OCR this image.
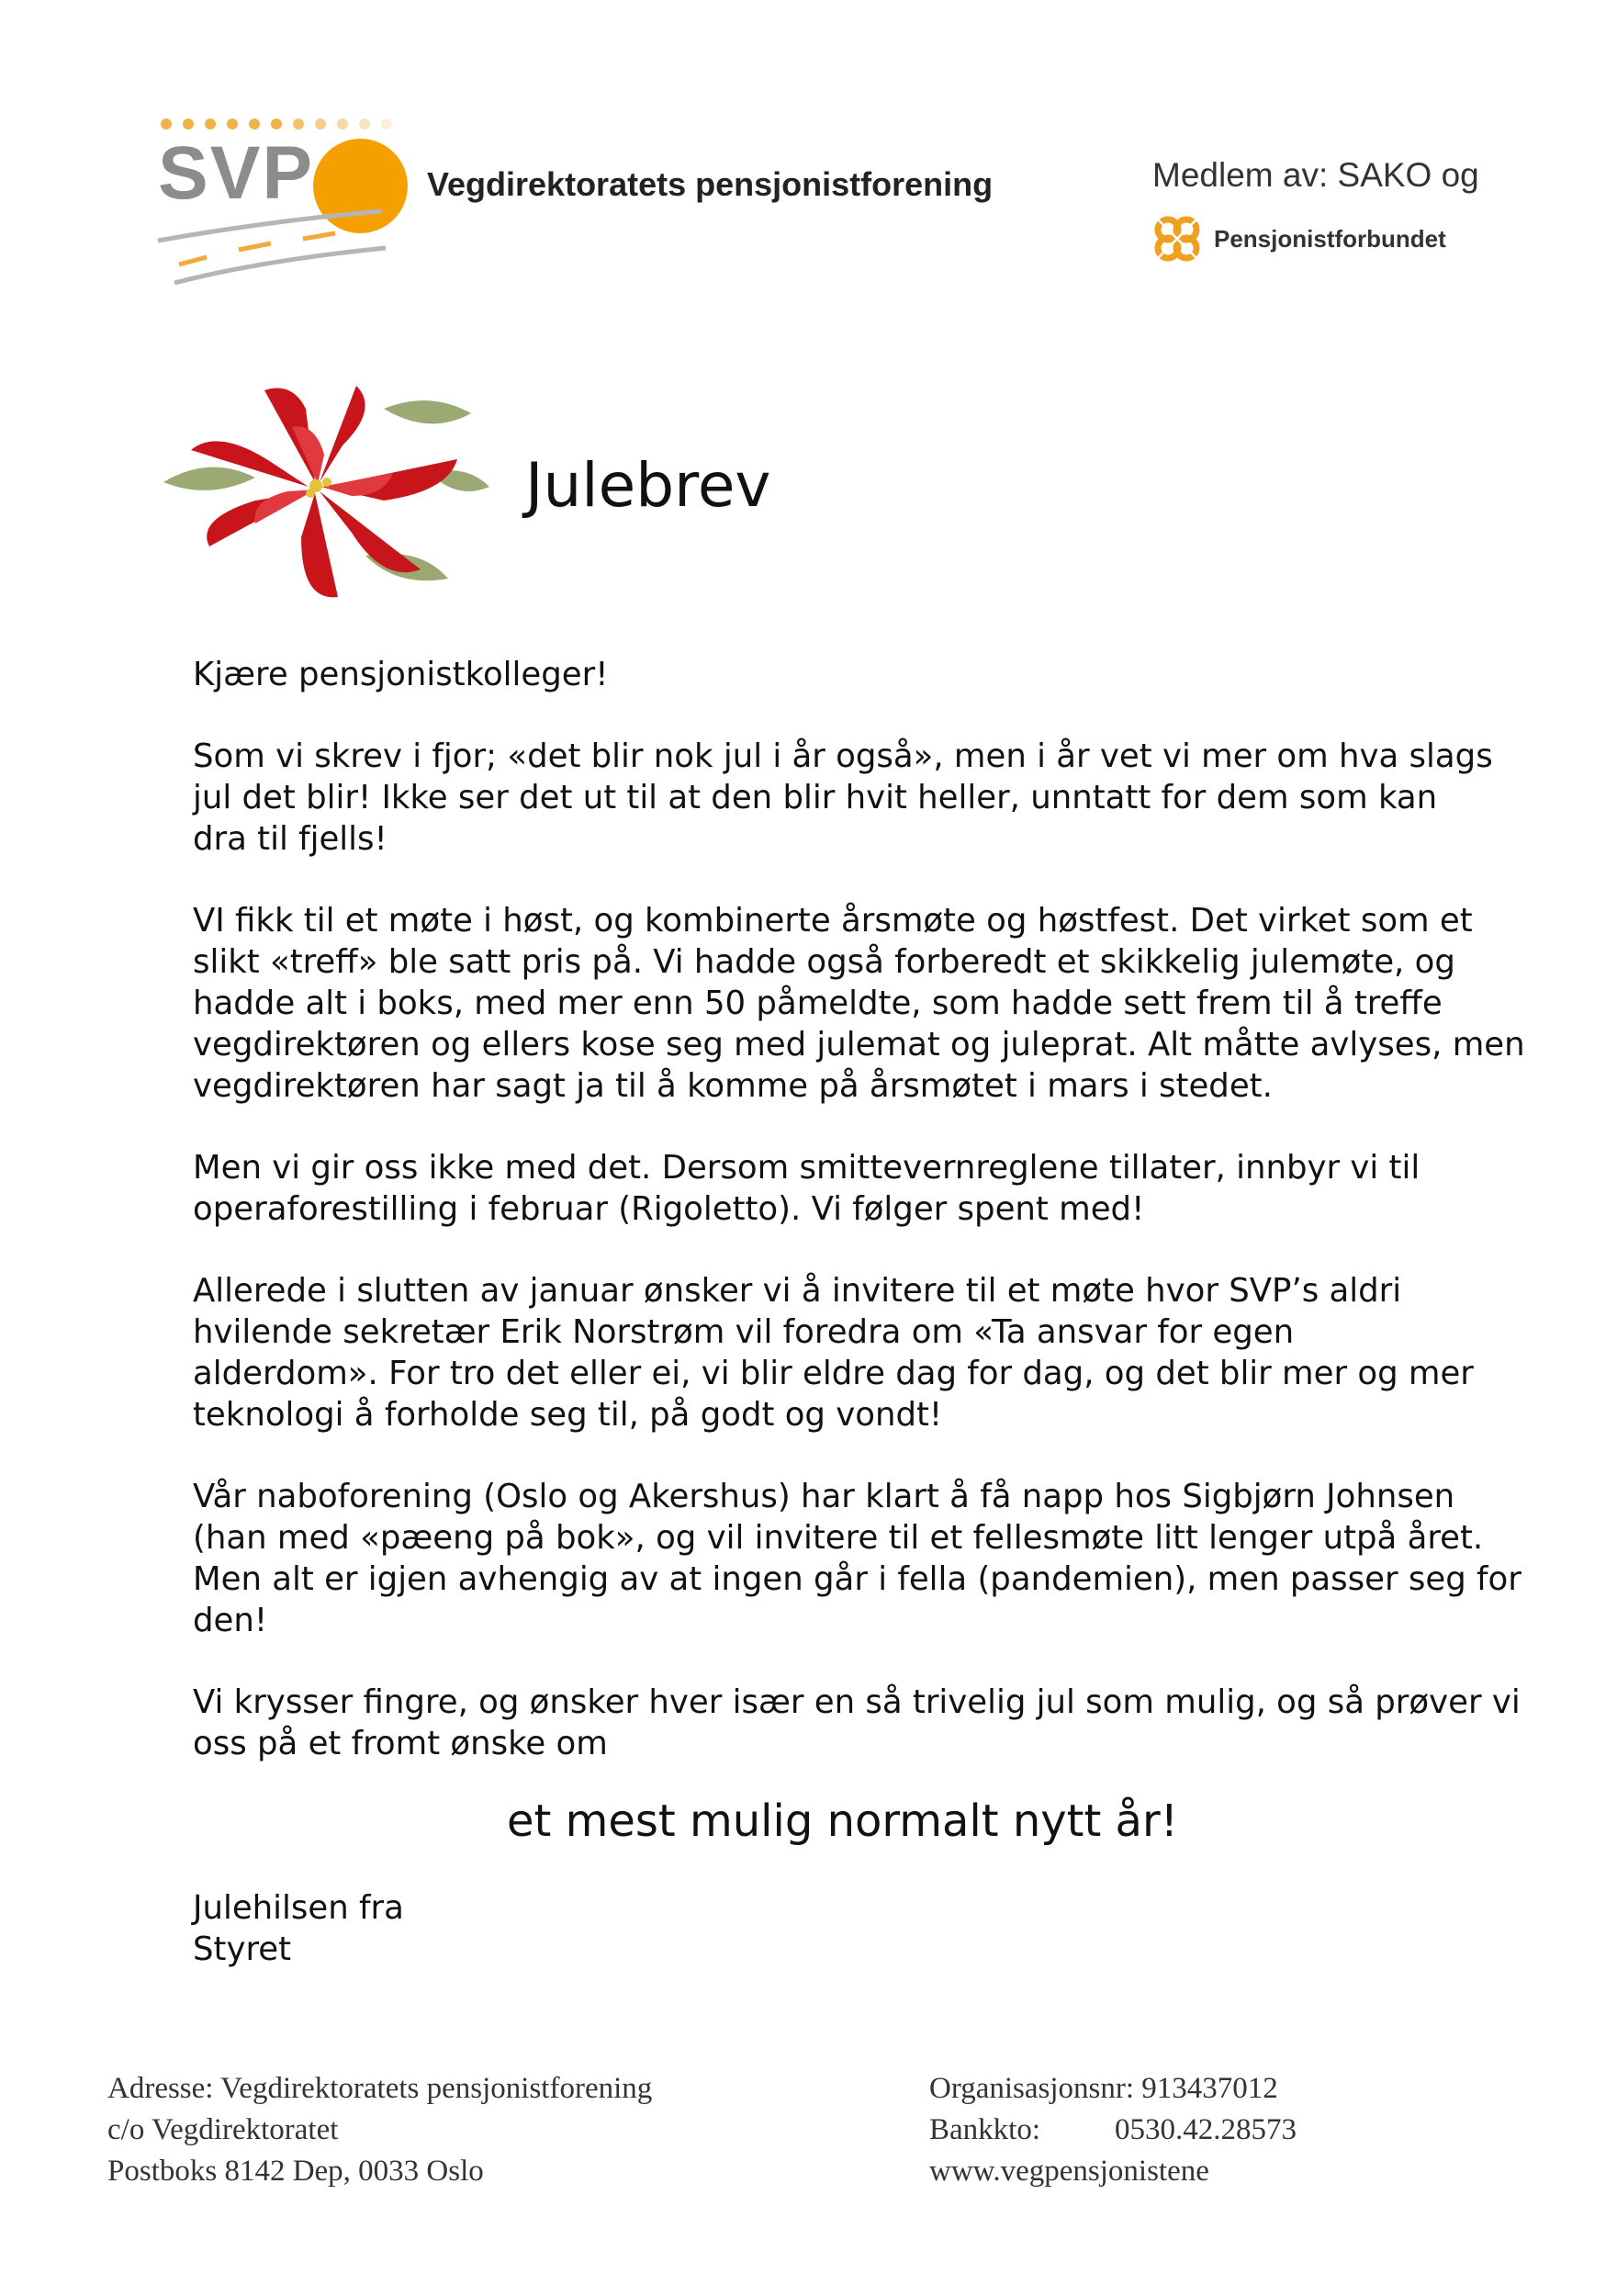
SVP	Vegdirektoratets pensjonistforening	Medlem av: SAKO og
Pensjonistforbundet
Julebrev

Kjære pensjonistkolleger!

Som vi skrev i fjor; «det blir nok jul i år også», men i år vet vi mer om hva slags
jul det blir! Ikke ser det ut til at den blir hvit heller, unntatt for dem som kan
dra til fjells!

VI fikk til et møte i høst, og kombinerte årsmøte og høstfest. Det virket som et
slikt «treff» ble satt pris på. Vi hadde også forberedt et skikkelig julemøte, og
hadde alt i boks, med mer enn 50 påmeldte, som hadde sett frem til å treffe
vegdirektøren og ellers kose seg med julemat og juleprat. Alt måtte avlyses, men
vegdirektøren har sagt ja til å komme på årsmøtet i mars i stedet.

Men vi gir oss ikke med det. Dersom smittevernreglene tillater, innbyr vi til
operaforestilling i februar (Rigoletto). Vi følger spent med!

Allerede i slutten av januar ønsker vi å invitere til et møte hvor SVP’s aldri
hvilende sekretær Erik Norstrøm vil foredra om «Ta ansvar for egen
alderdom». For tro det eller ei, vi blir eldre dag for dag, og det blir mer og mer
teknologi å forholde seg til, på godt og vondt!

Vår naboforening (Oslo og Akershus) har klart å få napp hos Sigbjørn Johnsen
(han med «pæeng på bok», og vil invitere til et fellesmøte litt lenger utpå året.
Men alt er igjen avhengig av at ingen går i fella (pandemien), men passer seg for
den!

Vi krysser fingre, og ønsker hver især en så trivelig jul som mulig, og så prøver vi
oss på et fromt ønske om

et mest mulig normalt nytt år!
Julehilsen fra
Styret
Adresse: Vegdirektoratets pensjonistforening
c/o Vegdirektoratet
Postboks 8142 Dep, 0033 Oslo
Organisasjonsnr: 913437012
Bankkto: 0530.42.28573
www.vegpensjonistene
